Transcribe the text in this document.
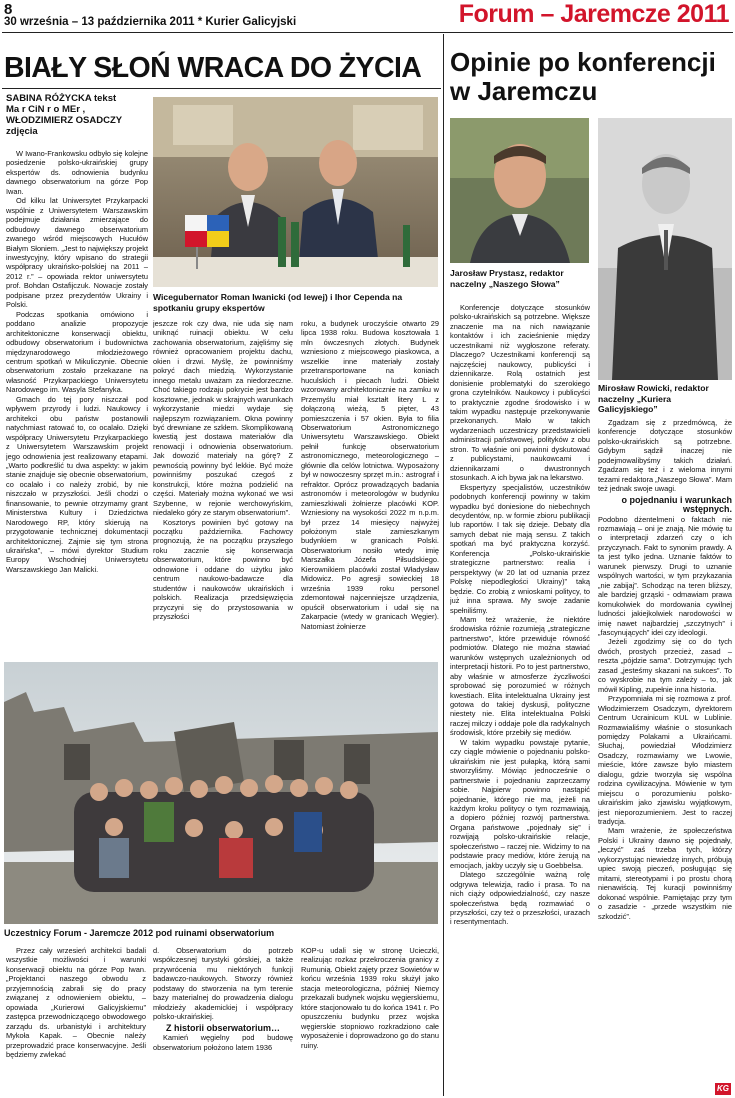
8
30 września – 13 października 2011 * Kurier Galicyjski	Forum – Jaremcze 2011
BIAŁY SŁOŃ WRACA DO ŻYCIA
SABINA RÓŻYCKA tekst
Ma r CiN r o MEr ,
WŁODZIMIERZ OSADCZY
zdjęcia

W Iwano-Frankowsku odbyło się kolejne posiedzenie polsko-ukraińskiej grupy ekspertów ds. odnowienia budynku dawnego obserwatorium na górze Pop Iwan.

Od kilku lat Uniwersytet Przykarpacki wspólnie z Uniwersytetem Warszawskim podejmuje działania zmierzające do odbudowy dawnego obserwatorium zwanego wśród miejscowych Hucułów Białym Słoniem. „Jest to największy projekt inwestycyjny, który wpisano do strategii współpracy ukraińsko-polskiej na 2011 – 2012 r.” – opowiada rektor uniwersytetu prof. Bohdan Ostafijczuk. Nowacje zostały podpisane przez prezydentów Ukrainy i Polski.

Podczas spotkania omówiono i poddano analizie propozycje architektoniczne konserwacji obiektu, odbudowy obserwatorium i budownictwa międzynarodowego młodzieżowego centrum spotkań w Mikuliczynie. Obecnie obserwatorium zostało przekazane na własność Przykarpackiego Uniwersytetu Narodowego im. Wasyla Stefanyka.

Gmach do tej pory niszczał pod wpływem przyrody i ludzi. Naukowcy i architekci obu państw postanowili natychmiast ratować to, co ocalało. Dzięki współpracy Uniwersytetu Przykarpackiego z Uniwersytetem Warszawskim projekt jego odnowienia jest realizowany etapami. „Warto podkreślić tu dwa aspekty: w jakim stanie znajduje się obecnie obserwatorium, co ocalało i co należy zrobić, by nie niszczało w przyszłości. Jeśli chodzi o finansowanie, to pewnie otrzymamy grant Ministerstwa Kultury i Dziedzictwa Narodowego RP, który skierują na przygotowanie technicznej dokumentacji architektonicznej. Zajmie się tym strona ukraińska”, – mówi dyrektor Studium Europy Wschodniej Uniwersytetu Warszawskiego Jan Malicki.

Wicegubernator Roman Iwanicki (od lewej) i Ihor Cependa na spotkaniu grupy ekspertów

jeszcze rok czy dwa, nie uda się nam uniknąć ruinacji obiektu. W celu zachowania obserwatorium, zajęliśmy się również opracowaniem projektu dachu, okien i drzwi. Myślę, że powinniśmy pokryć dach miedzią. Wykorzystanie innego metalu uważam za niedorzeczne. Choć takiego rodzaju pokrycie jest bardzo kosztowne, jednak w skrajnych warunkach wykorzystanie miedzi wydaje się najlepszym rozwiązaniem. Okna powinny być drewniane ze szkłem. Skomplikowaną kwestią jest dostawa materiałów dla renowacji i odnowienia obserwatorium. Jak dowozić materiały na górę? Z pewnością powinny być lekkie. Być może powinniśmy poszukać czegoś z konstrukcji, które można podzielić na części. Materiały można wykonać we wsi Szybenne, w rejonie werchowyńskim, niedaleko góry ze starym obserwatorium”.

Kosztorys powinien być gotowy na początku października. Fachowcy prognozują, że na początku przyszłego roku zacznie się konserwacja obserwatorium, które powinno być odnowione i oddane do użytku jako centrum naukowo-badawcze dla studentów i naukowców ukraińskich i polskich. Realizacja przedsięwzięcia przyczyni się do przystosowania w przyszłości

roku, a budynek uroczyście otwarto 29 lipca 1938 roku. Budowa kosztowała 1 mln ówczesnych złotych. Budynek wzniesiono z miejscowego piaskowca, a wszelkie inne materiały zostały przetransportowane na koniach huculskich i piecach ludzi. Obiekt wzorowany architektonicznie na zamku w Przemyślu miał kształt litery L z dołączoną wieżą, 5 pięter, 43 pomieszczenia i 57 okien. Była to filia Obserwatorium Astronomicznego Uniwersytetu Warszawskiego. Obiekt pełnił funkcję obserwatorium astronomicznego, meteorologicznego – głównie dla celów lotnictwa. Wyposażony był w nowoczesny sprzęt m.in.: astrograf i refraktor. Oprócz prowadzących badania astronomów i meteorologów w budynku zamieszkiwali żołnierze placówki KOP. Wzniesiony na wysokości 2022 m n.p.m. był przez 14 miesięcy najwyżej położonym stale zamieszkanym budynkiem w granicach Polski. Obserwatorium nosiło wtedy imię Marszałka Józefa Piłsudskiego. Kierownikiem placówki został Władysław Midowicz. Po agresji sowieckiej 18 września 1939 roku personel zdemontował najcenniejsze urządzenia, opuścił obserwatorium i udał się na Zakarpacie (wtedy w granicach Węgier). Natomiast żołnierze

Uczestnicy Forum - Jaremcze 2012 pod ruinami obserwatorium

Przez cały wrzesień architekci badali wszystkie możliwości i warunki konserwacji obiektu na górze Pop Iwan. „Projektanci naszego obwodu z przyjemnością zabrali się do pracy związanej z odnowieniem obiektu, – opowiada „Kurierowi Galicyjskiemu” zastępca przewodniczącego obwodowego zarządu ds. urbanistyki i architektury Mykoła Kapak. – Obecnie należy przeprowadzić prace konserwacyjne. Jeśli będziemy zwlekać

d. Obserwatorium do potrzeb współczesnej turystyki górskiej, a także przywrócenia mu niektórych funkcji badawczo-naukowych. Stworzy również podstawy do stworzenia na tym terenie bazy materialnej do prowadzenia dialogu młodzieży akademickiej i współpracy polsko-ukraińskiej.

Z historii obserwatorium…

Kamień węgielny pod budowę obserwatorium położono latem 1936

KOP-u udali się w stronę Ucieczki, realizując rozkaz przekroczenia granicy z Rumunią. Obiekt zajęty przez Sowietów w końcu września 1939 roku służył jako stacja meteorologiczna, później Niemcy przekazali budynek wojsku węgierskiemu, które stacjonowało tu do końca 1941 r. Po opuszczeniu budynku przez wojska węgierskie stopniowo rozkradziono całe wyposażenie i doprowadzono go do stanu ruiny.

Opinie po konferencji w Jaremczu
Jarosław Prystasz, redaktor naczelny „Naszego Słowa”
Mirosław Rowicki, redaktor naczelny „Kuriera Galicyjskiego”

Konferencje dotyczące stosunków polsko-ukraińskich są potrzebne. Większe znaczenie ma na nich nawiązanie kontaktów i ich zacieśnienie między uczestnikami niż wygłoszone referaty. Dlaczego? Uczestnikami konferencji są najczęściej naukowcy, publicyści i dziennikarze. Rolą ostatnich jest donisienie problematyki do szerokiego grona czytelników. Naukowcy i publicyści to praktycznie zgodne środowisko i w takim wypadku następuje przekonywanie przekonanych. Mało w takich wydarzeniach uczestniczy przedstawicieli administracji państwowej, polityków z obu stron. To właśnie oni powinni dyskutować z publicystami, naukowcami i dziennikarzami o dwustronnych stosunkach. A ich bywa jak na lekarstwo.

Ekspertyzy specjalistów, uczestników podobnych konferencji powinny w takim wypadku być doniesione do niebechnych decydentów, np. w formie zbioru publikacji lub raportów. I tak się dzieje. Debaty dla samych debat nie mają sensu. Z takich spotkań ma być praktyczna korzyść. Konferencja „Polsko-ukraińskie strategiczne partnerstwo: realia i perspektywy (w 20 lat od uznania przez Polskę niepodległości Ukrainy)” taką będzie. Co zrobią z wnioskami politycy, to już inna sprawa. My swoje zadanie spełniliśmy.

Mam też wrażenie, że niektóre środowiska różnie rozumieją „strategiczne partnerstwo”, które przewiduje równość podmiotów. Dlatego nie można stawiać warunków wstępnych uzależnionych od interpretacji historii. Po to jest partnerstwo, aby właśnie w atmosferze życzliwości sprobować się porozumieć w różnych kwestiach. Elita intelektualna Ukrainy jest gotowa do takiej dyskusji, polityczne niestety nie. Elita intelektualna Polski raczej milczy i oddaje pole dla radykalnych środowisk, które przebiły się mediów.

W takim wypadku powstaje pytanie, czy ciągle mówienie o pojednaniu polsko-ukraińskim nie jest pułapką, którą sami stworzyliśmy. Mówiąc jednocześnie o partnerstwie i pojednaniu zaprzeczamy sobie. Najpierw powinno nastąpić pojednanie, którego nie ma, jeżeli na każdym kroku politycy o tym rozmawiają, a dopiero później rozwój partnerstwa. Organa państwowe „pojednały się” i rozwijają polsko-ukraińskie relacje, społeczeństwo – raczej nie. Widzimy to na podstawie pracy mediów, które żerują na emocjach, jakby uczyły się u Goebbelsa.

Dlatego szczególnie ważną rolę odgrywa telewizja, radio i prasa. To na nich ciąży odpowiedzialność, czy nasze społeczeństwa będą rozmawiać o przyszłości, czy też o przeszłości, urazach i resentymentach.

Zgadzam się z przedmówcą, że konferencje dotyczące stosunków polsko-ukraińskich są potrzebne. Gdybym sądził inaczej nie podejmowalibyśmy takich działań. Zgadzam się też i z wieloma innymi tezami redaktora „Naszego Słowa”. Mam też jednak swoje uwagi.

o pojednaniu i warunkach wstępnych.

Podobno dżentelmeni o faktach nie rozmawiają – oni je znają. Nie mówię tu o interpretacji zdarzeń czy o ich przyczynach. Fakt to synonim prawdy. A ta jest tylko jedna. Uznanie faktów to warunek pierwszy. Drugi to uznanie wspólnych wartości, w tym przykazania „nie zabijaj”. Schodząc na teren bliższy, ale bardziej grząski - odmawiam prawa komukolwiek do mordowania cywilnej ludności jakiejkolwiek narodowości w imię nawet najbardziej „szczytnych” i „fascynujących” idei czy ideologii.

Jeżeli zgodzimy się co do tych dwóch, prostych przecież, zasad – reszta „pójdzie sama”. Dotrzymując tych zasad „jesteśmy skazani na sukces”. To co wyskrobie na tym zależy – to, jak mówił Kipling, zupełnie inna historia.

Przypomniała mi się rozmowa z prof. Włodzimierzem Osadczym, dyrektorem Centrum Ucrainicum KUL w Lublinie. Rozmawialiśmy właśnie o stosunkach pomiędzy Polakami a Ukraińcami. Słuchaj, powiedział Włodzimierz Osadczy, rozmawiamy we Lwowie, mieście, które zawsze było miastem dialogu, gdzie tworzyła się wspólna rodzina cywilizacyjna. Mówienie w tym miejscu o porozumieniu polsko-ukraińskim jako zjawisku wyjątkowym, jest nieporozumieniem. Jest to raczej tradycja.

Mam wrażenie, że społeczeństwa Polski i Ukrainy dawno się pojednały, „leczyć” zaś trzeba tych, którzy wykorzystując niewiedzę innych, próbują upiec swoją pieczeń, posługując się mitami, stereotypami i po prostu chorą nienawiścią. Tej kuracji powinniśmy dokonać wspólnie. Pamiętając przy tym o zasadzie - „przede wszystkim nie szkodzić”.

KG
